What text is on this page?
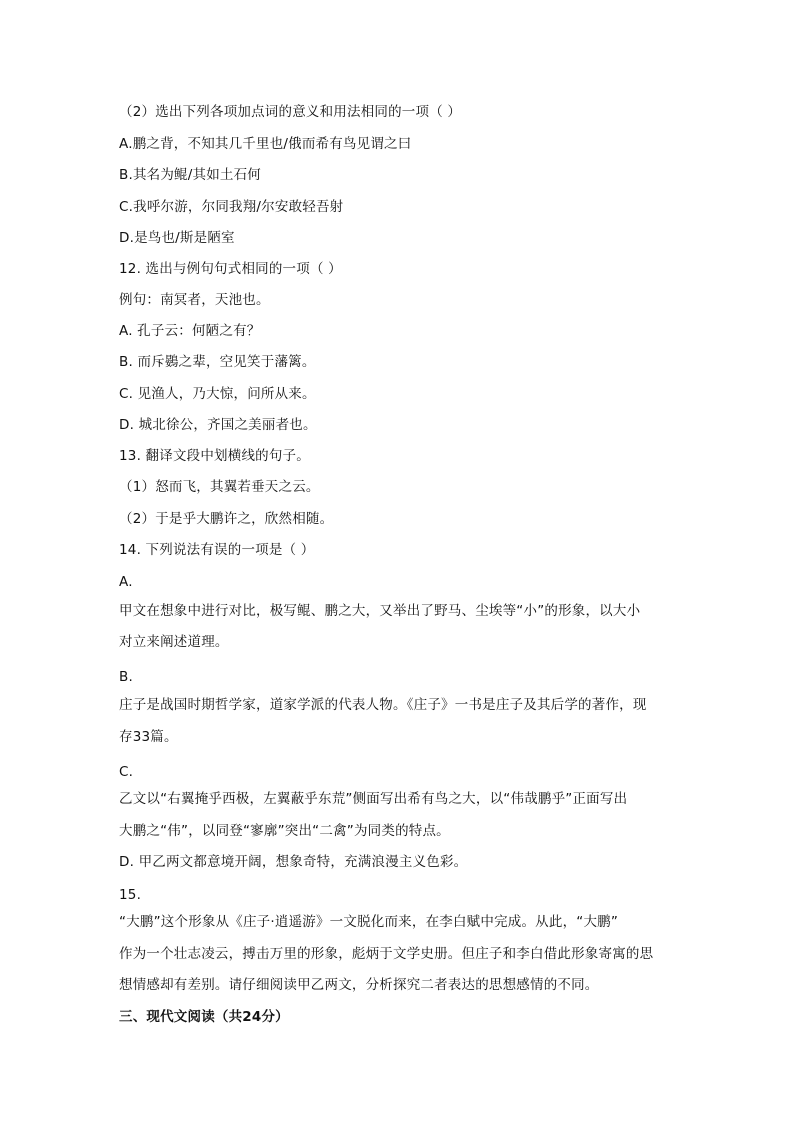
（2）选出下列各项加点词的意义和用法相同的一项（ ）
A.鹏之背，不知其几千里也/俄而希有鸟见谓之曰
B.其名为鲲/其如土石何
C.我呼尔游，尔同我翔/尔安敢轻吾射
D.是鸟也/斯是陋室
12. 选出与例句句式相同的一项（ ）
例句：南冥者，天池也。
A. 孔子云：何陋之有？
B. 而斥鷃之辈，空见笑于藩篱。
C. 见渔人，乃大惊，问所从来。
D. 城北徐公，齐国之美丽者也。
13. 翻译文段中划横线的句子。
（1）怒而飞，其翼若垂天之云。
（2）于是乎大鹏许之，欣然相随。
14. 下列说法有误的一项是（ ）
A.
甲文在想象中进行对比，极写鲲、鹏之大，又举出了野马、尘埃等“小”的形象，以大小
对立来阐述道理。
B.
庄子是战国时期哲学家，道家学派的代表人物。《庄子》一书是庄子及其后学的著作，现
存33篇。
C.
乙文以“右翼掩乎西极，左翼蔽乎东荒”侧面写出希有鸟之大，以“伟哉鹏乎”正面写出
大鹏之“伟”，以同登“寥廓”突出“二禽”为同类的特点。
D. 甲乙两文都意境开阔，想象奇特，充满浪漫主义色彩。
15.
“大鹏”这个形象从《庄子·逍遥游》一文脱化而来，在李白赋中完成。从此，“大鹏”
作为一个壮志凌云，搏击万里的形象，彪炳于文学史册。但庄子和李白借此形象寄寓的思
想情感却有差别。请仔细阅读甲乙两文，分析探究二者表达的思想感情的不同。
三、现代文阅读（共24分）
